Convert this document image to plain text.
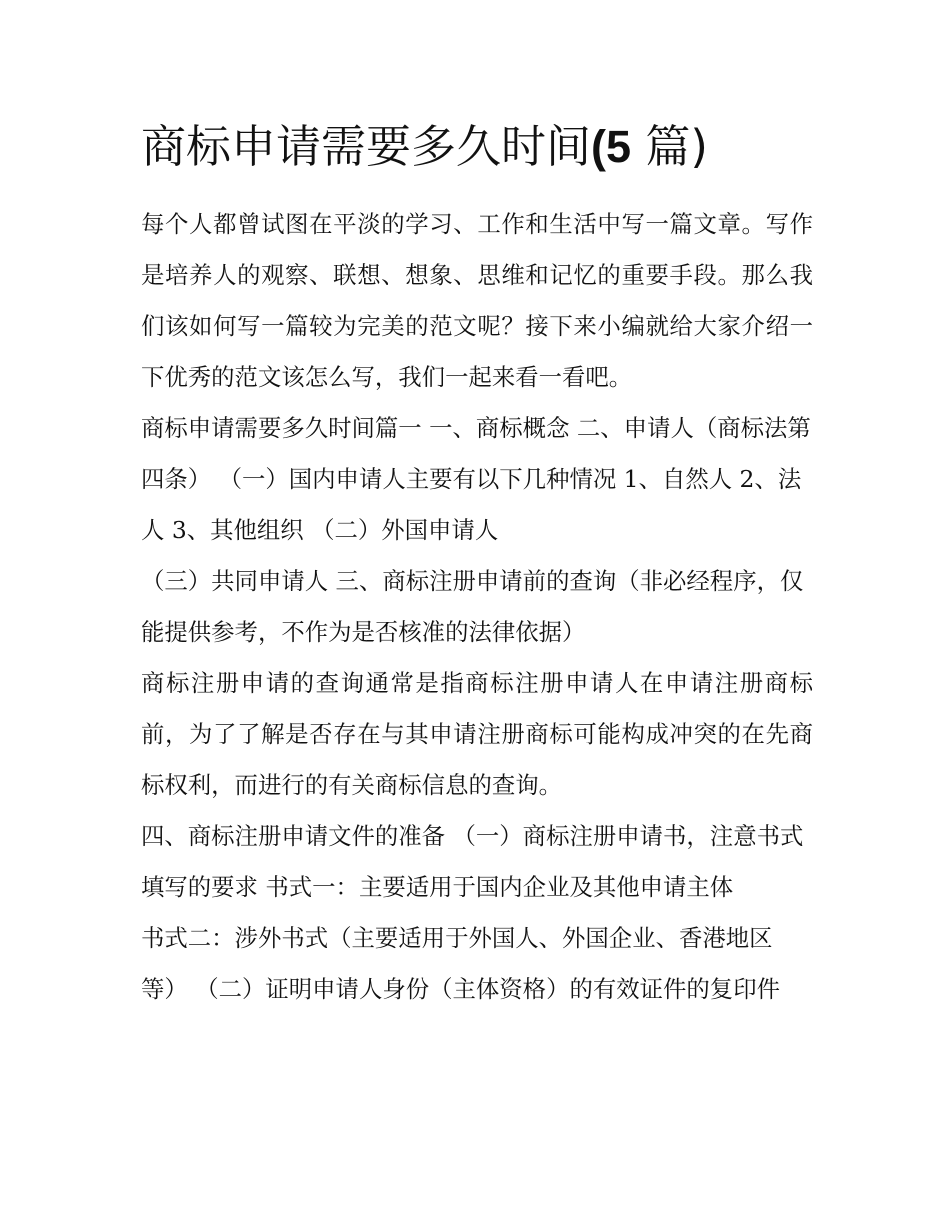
商标申请需要多久时间(5 篇)

每个人都曾试图在平淡的学习、工作和生活中写一篇文章。写作是培养人的观察、联想、想象、思维和记忆的重要手段。那么我们该如何写一篇较为完美的范文呢？接下来小编就给大家介绍一下优秀的范文该怎么写，我们一起来看一看吧。

商标申请需要多久时间篇一 一、商标概念 二、申请人（商标法第四条） （一）国内申请人主要有以下几种情况 1、自然人 2、法人 3、其他组织 （二）外国申请人

（三）共同申请人 三、商标注册申请前的查询（非必经程序，仅能提供参考，不作为是否核准的法律依据）

商标注册申请的查询通常是指商标注册申请人在申请注册商标前，为了了解是否存在与其申请注册商标可能构成冲突的在先商标权利，而进行的有关商标信息的查询。

四、商标注册申请文件的准备 （一）商标注册申请书，注意书式填写的要求 书式一：主要适用于国内企业及其他申请主体

书式二：涉外书式（主要适用于外国人、外国企业、香港地区等） （二）证明申请人身份（主体资格）的有效证件的复印件
